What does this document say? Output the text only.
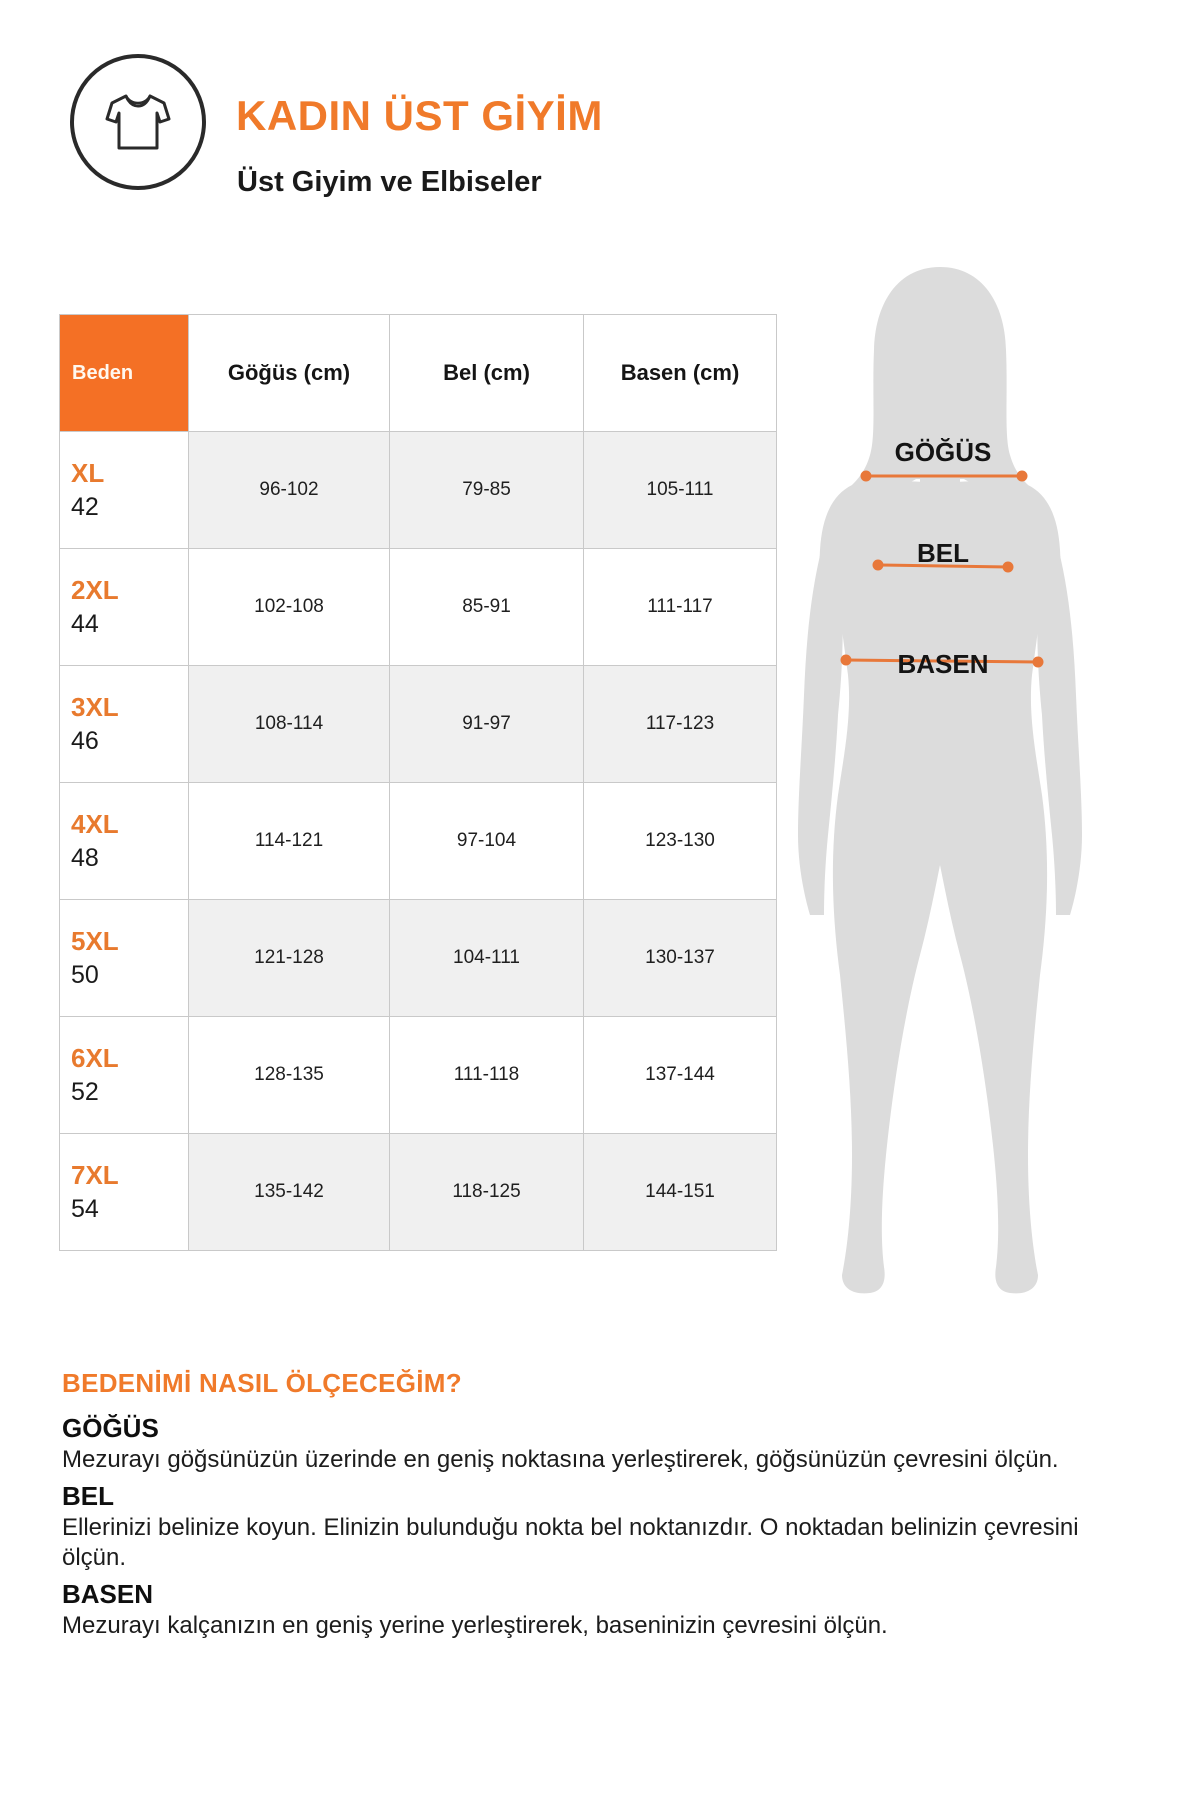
KADIN ÜST GİYİM
Üst Giyim ve Elbiseler
Beden	Göğüs (cm)	Bel (cm)	Basen (cm)

XL
42	96-102	79-85	105-111

2XL
44	102-108	85-91	111-117

3XL
46	108-114	91-97	117-123

4XL
48	114-121	97-104	123-130

5XL
50	121-128	104-111	130-137

6XL
52	128-135	111-118	137-144

7XL
54	135-142	118-125	144-151
GÖĞÜS
BEL
BASEN
BEDENİMİ NASIL ÖLÇECEĞİM?

GÖĞÜS

Mezurayı göğsünüzün üzerinde en geniş noktasına yerleştirerek, göğsünüzün çevresini ölçün.

BEL

Ellerinizi belinize koyun. Elinizin bulunduğu nokta bel noktanızdır. O noktadan belinizin çevresini ölçün.

BASEN

Mezurayı kalçanızın en geniş yerine yerleştirerek, baseninizin çevresini ölçün.
